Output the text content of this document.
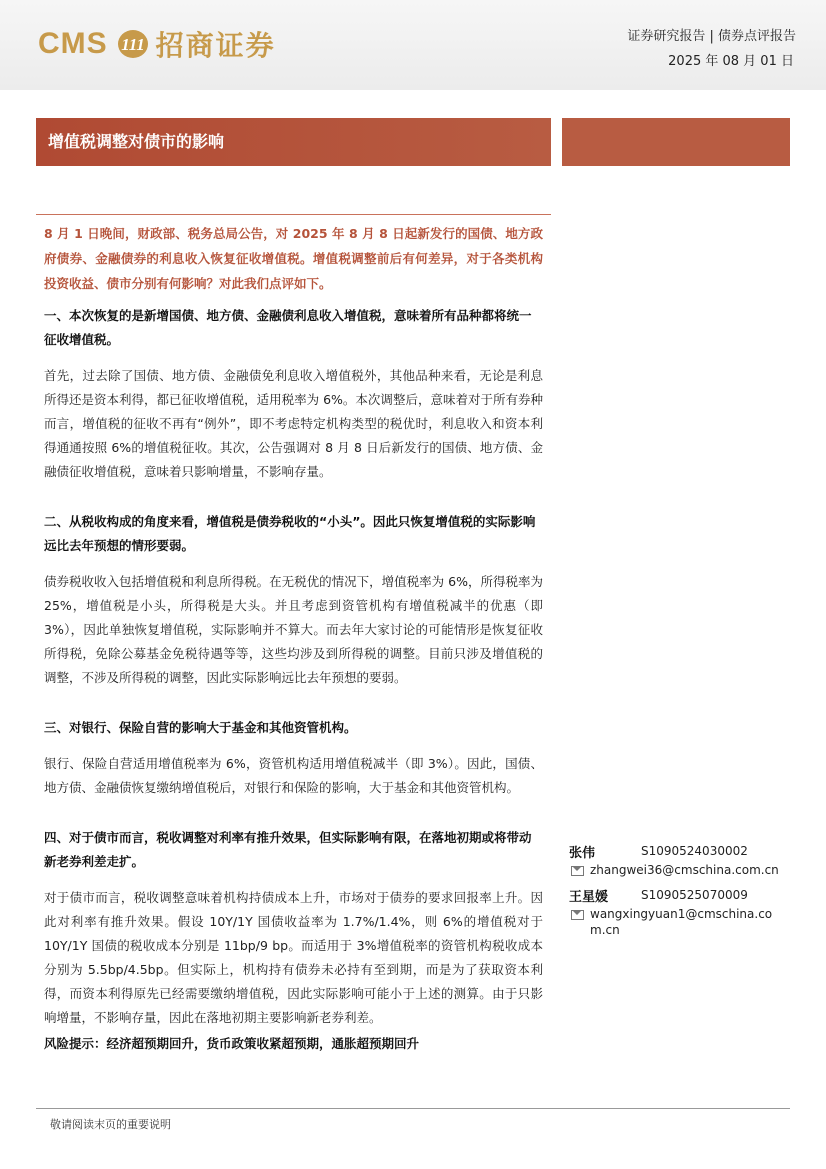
CMS 111 招商证券	证券研究报告 | 债券点评报告
2025 年 08 月 01 日
增值税调整对债市的影响
8 月 1 日晚间，财政部、税务总局公告，对 2025 年 8 月 8 日起新发行的国债、地方政府债券、金融债券的利息收入恢复征收增值税。增值税调整前后有何差异，对于各类机构投资收益、债市分别有何影响？对此我们点评如下。
一、本次恢复的是新增国债、地方债、金融债利息收入增值税，意味着所有品种都将统一征收增值税。
首先，过去除了国债、地方债、金融债免利息收入增值税外，其他品种来看，无论是利息所得还是资本利得，都已征收增值税，适用税率为 6%。本次调整后，意味着对于所有券种而言，增值税的征收不再有“例外”，即不考虑特定机构类型的税优时，利息收入和资本利得通通按照 6%的增值税征收。其次，公告强调对 8 月 8 日后新发行的国债、地方债、金融债征收增值税，意味着只影响增量，不影响存量。
二、从税收构成的角度来看，增值税是债券税收的“小头”。因此只恢复增值税的实际影响远比去年预想的情形要弱。
债券税收收入包括增值税和利息所得税。在无税优的情况下，增值税率为 6%，所得税率为 25%，增值税是小头，所得税是大头。并且考虑到资管机构有增值税减半的优惠（即 3%），因此单独恢复增值税，实际影响并不算大。而去年大家讨论的可能情形是恢复征收所得税，免除公募基金免税待遇等等，这些均涉及到所得税的调整。目前只涉及增值税的调整，不涉及所得税的调整，因此实际影响远比去年预想的要弱。
三、对银行、保险自营的影响大于基金和其他资管机构。
银行、保险自营适用增值税率为 6%，资管机构适用增值税减半（即 3%）。因此，国债、地方债、金融债恢复缴纳增值税后，对银行和保险的影响，大于基金和其他资管机构。
四、对于债市而言，税收调整对利率有推升效果，但实际影响有限，在落地初期或将带动新老券利差走扩。
对于债市而言，税收调整意味着机构持债成本上升，市场对于债券的要求回报率上升。因此对利率有推升效果。假设 10Y/1Y 国债收益率为 1.7%/1.4%，则 6%的增值税对于 10Y/1Y 国债的税收成本分别是 11bp/9 bp。而适用于 3%增值税率的资管机构税收成本分别为 5.5bp/4.5bp。但实际上，机构持有债券未必持有至到期，而是为了获取资本利得，而资本利得原先已经需要缴纳增值税，因此实际影响可能小于上述的测算。由于只影响增量，不影响存量，因此在落地初期主要影响新老券利差。
风险提示：经济超预期回升，货币政策收紧超预期，通胀超预期回升
张伟	S1090524030002
zhangwei36@cmschina.com.cn
王星媛	S1090525070009
wangxingyuan1@cmschina.com.cn
敬请阅读末页的重要说明
